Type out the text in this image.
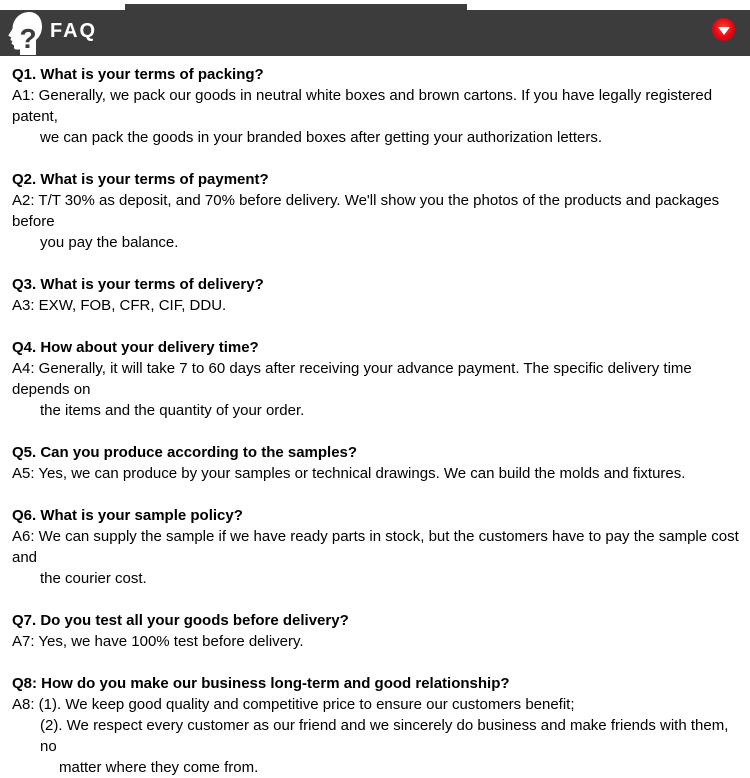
? FAQ
Q1. What is your terms of packing?
A1: Generally, we pack our goods in neutral white boxes and brown cartons. If you have legally registered patent,
we can pack the goods in your branded boxes after getting your authorization letters.
Q2. What is your terms of payment?
A2: T/T 30% as deposit, and 70% before delivery. We'll show you the photos of the products and packages before
you pay the balance.
Q3. What is your terms of delivery?
A3: EXW, FOB, CFR, CIF, DDU.
Q4. How about your delivery time?
A4: Generally, it will take 7 to 60 days after receiving your advance payment. The specific delivery time depends on
the items and the quantity of your order.
Q5. Can you produce according to the samples?
A5: Yes, we can produce by your samples or technical drawings. We can build the molds and fixtures.
Q6. What is your sample policy?
A6: We can supply the sample if we have ready parts in stock, but the customers have to pay the sample cost and
the courier cost.
Q7. Do you test all your goods before delivery?
A7: Yes, we have 100% test before delivery.
Q8: How do you make our business long-term and good relationship?
A8: (1). We keep good quality and competitive price to ensure our customers benefit;
(2). We respect every customer as our friend and we sincerely do business and make friends with them, no
matter where they come from.
